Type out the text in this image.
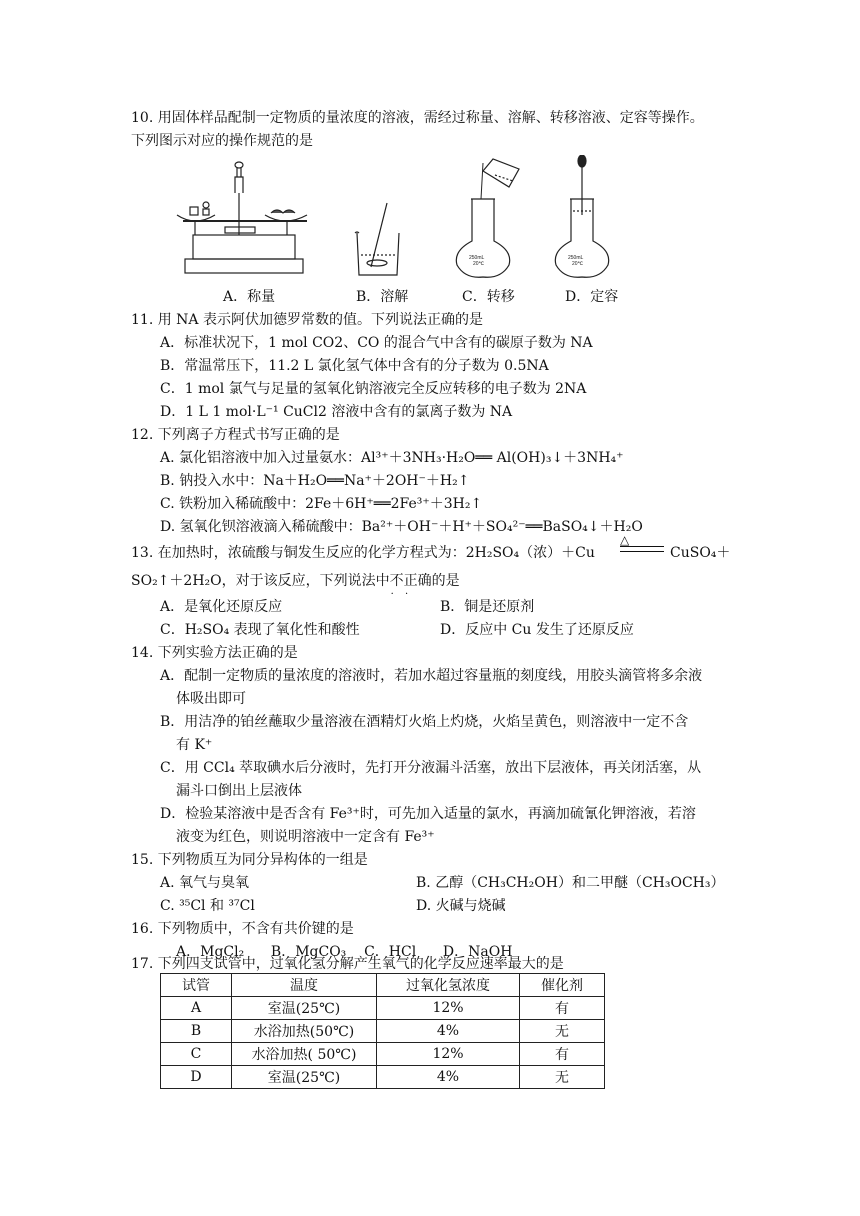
10. 用固体样品配制一定物质的量浓度的溶液，需经过称量、溶解、转移溶液、定容等操作。
下列图示对应的操作规范的是
250mL
20℃
250mL
20℃
A．称量	B．溶解	C．转移	D．定容
11. 用 NA 表示阿伏加德罗常数的值。下列说法正确的是
A．标准状况下，1 mol CO2、CO 的混合气中含有的碳原子数为 NA
B．常温常压下，11.2 L 氯化氢气体中含有的分子数为 0.5NA
C．1 mol 氯气与足量的氢氧化钠溶液完全反应转移的电子数为 2NA
D．1 L 1 mol·L⁻¹ CuCl2 溶液中含有的氯离子数为 NA
12. 下列离子方程式书写正确的是
A. 氯化铝溶液中加入过量氨水：Al³⁺＋3NH₃·H₂O══ Al(OH)₃↓＋3NH₄⁺
B. 钠投入水中：Na＋H₂O══Na⁺＋2OH⁻＋H₂↑
C. 铁粉加入稀硫酸中：2Fe＋6H⁺══2Fe³⁺＋3H₂↑
D. 氢氧化钡溶液滴入稀硫酸中：Ba²⁺＋OH⁻＋H⁺＋SO₄²⁻══BaSO₄↓＋H₂O
13. 在加热时，浓硫酸与铜发生反应的化学方程式为：2H₂SO₄（浓）＋Cu
△
CuSO₄＋
SO₂↑＋2H₂O，对于该反应，下列说法中不正确 · ·的是
A．是氧化还原反应	B．铜是还原剂
C．H₂SO₄ 表现了氧化性和酸性	D．反应中 Cu 发生了还原反应
14. 下列实验方法正确的是
A．配制一定物质的量浓度的溶液时，若加水超过容量瓶的刻度线，用胶头滴管将多余液
体吸出即可
B．用洁净的铂丝蘸取少量溶液在酒精灯火焰上灼烧，火焰呈黄色，则溶液中一定不含
有 K⁺
C．用 CCl₄ 萃取碘水后分液时，先打开分液漏斗活塞，放出下层液体，再关闭活塞，从
漏斗口倒出上层液体
D．检验某溶液中是否含有 Fe³⁺时，可先加入适量的氯水，再滴加硫氰化钾溶液，若溶
液变为红色，则说明溶液中一定含有 Fe³⁺
15. 下列物质互为同分异构体的一组是
A. 氧气与臭氧	B. 乙醇（CH₃CH₂OH）和二甲醚（CH₃OCH₃）
C. ³⁵Cl 和 ³⁷Cl	D. 火碱与烧碱
16. 下列物质中，不含有共价键的是
A．MgCl₂      B．MgCO₃    C．HCl      D．NaOH
17. 下列四支试管中，过氧化氢分解产生氧气的化学反应速率最大的是
试管	温度	过氧化氢浓度	催化剂
A	室温(25℃)	12%	有
B	水浴加热(50℃)	4%	无
C	水浴加热( 50℃)	12%	有
D	室温(25℃)	4%	无
